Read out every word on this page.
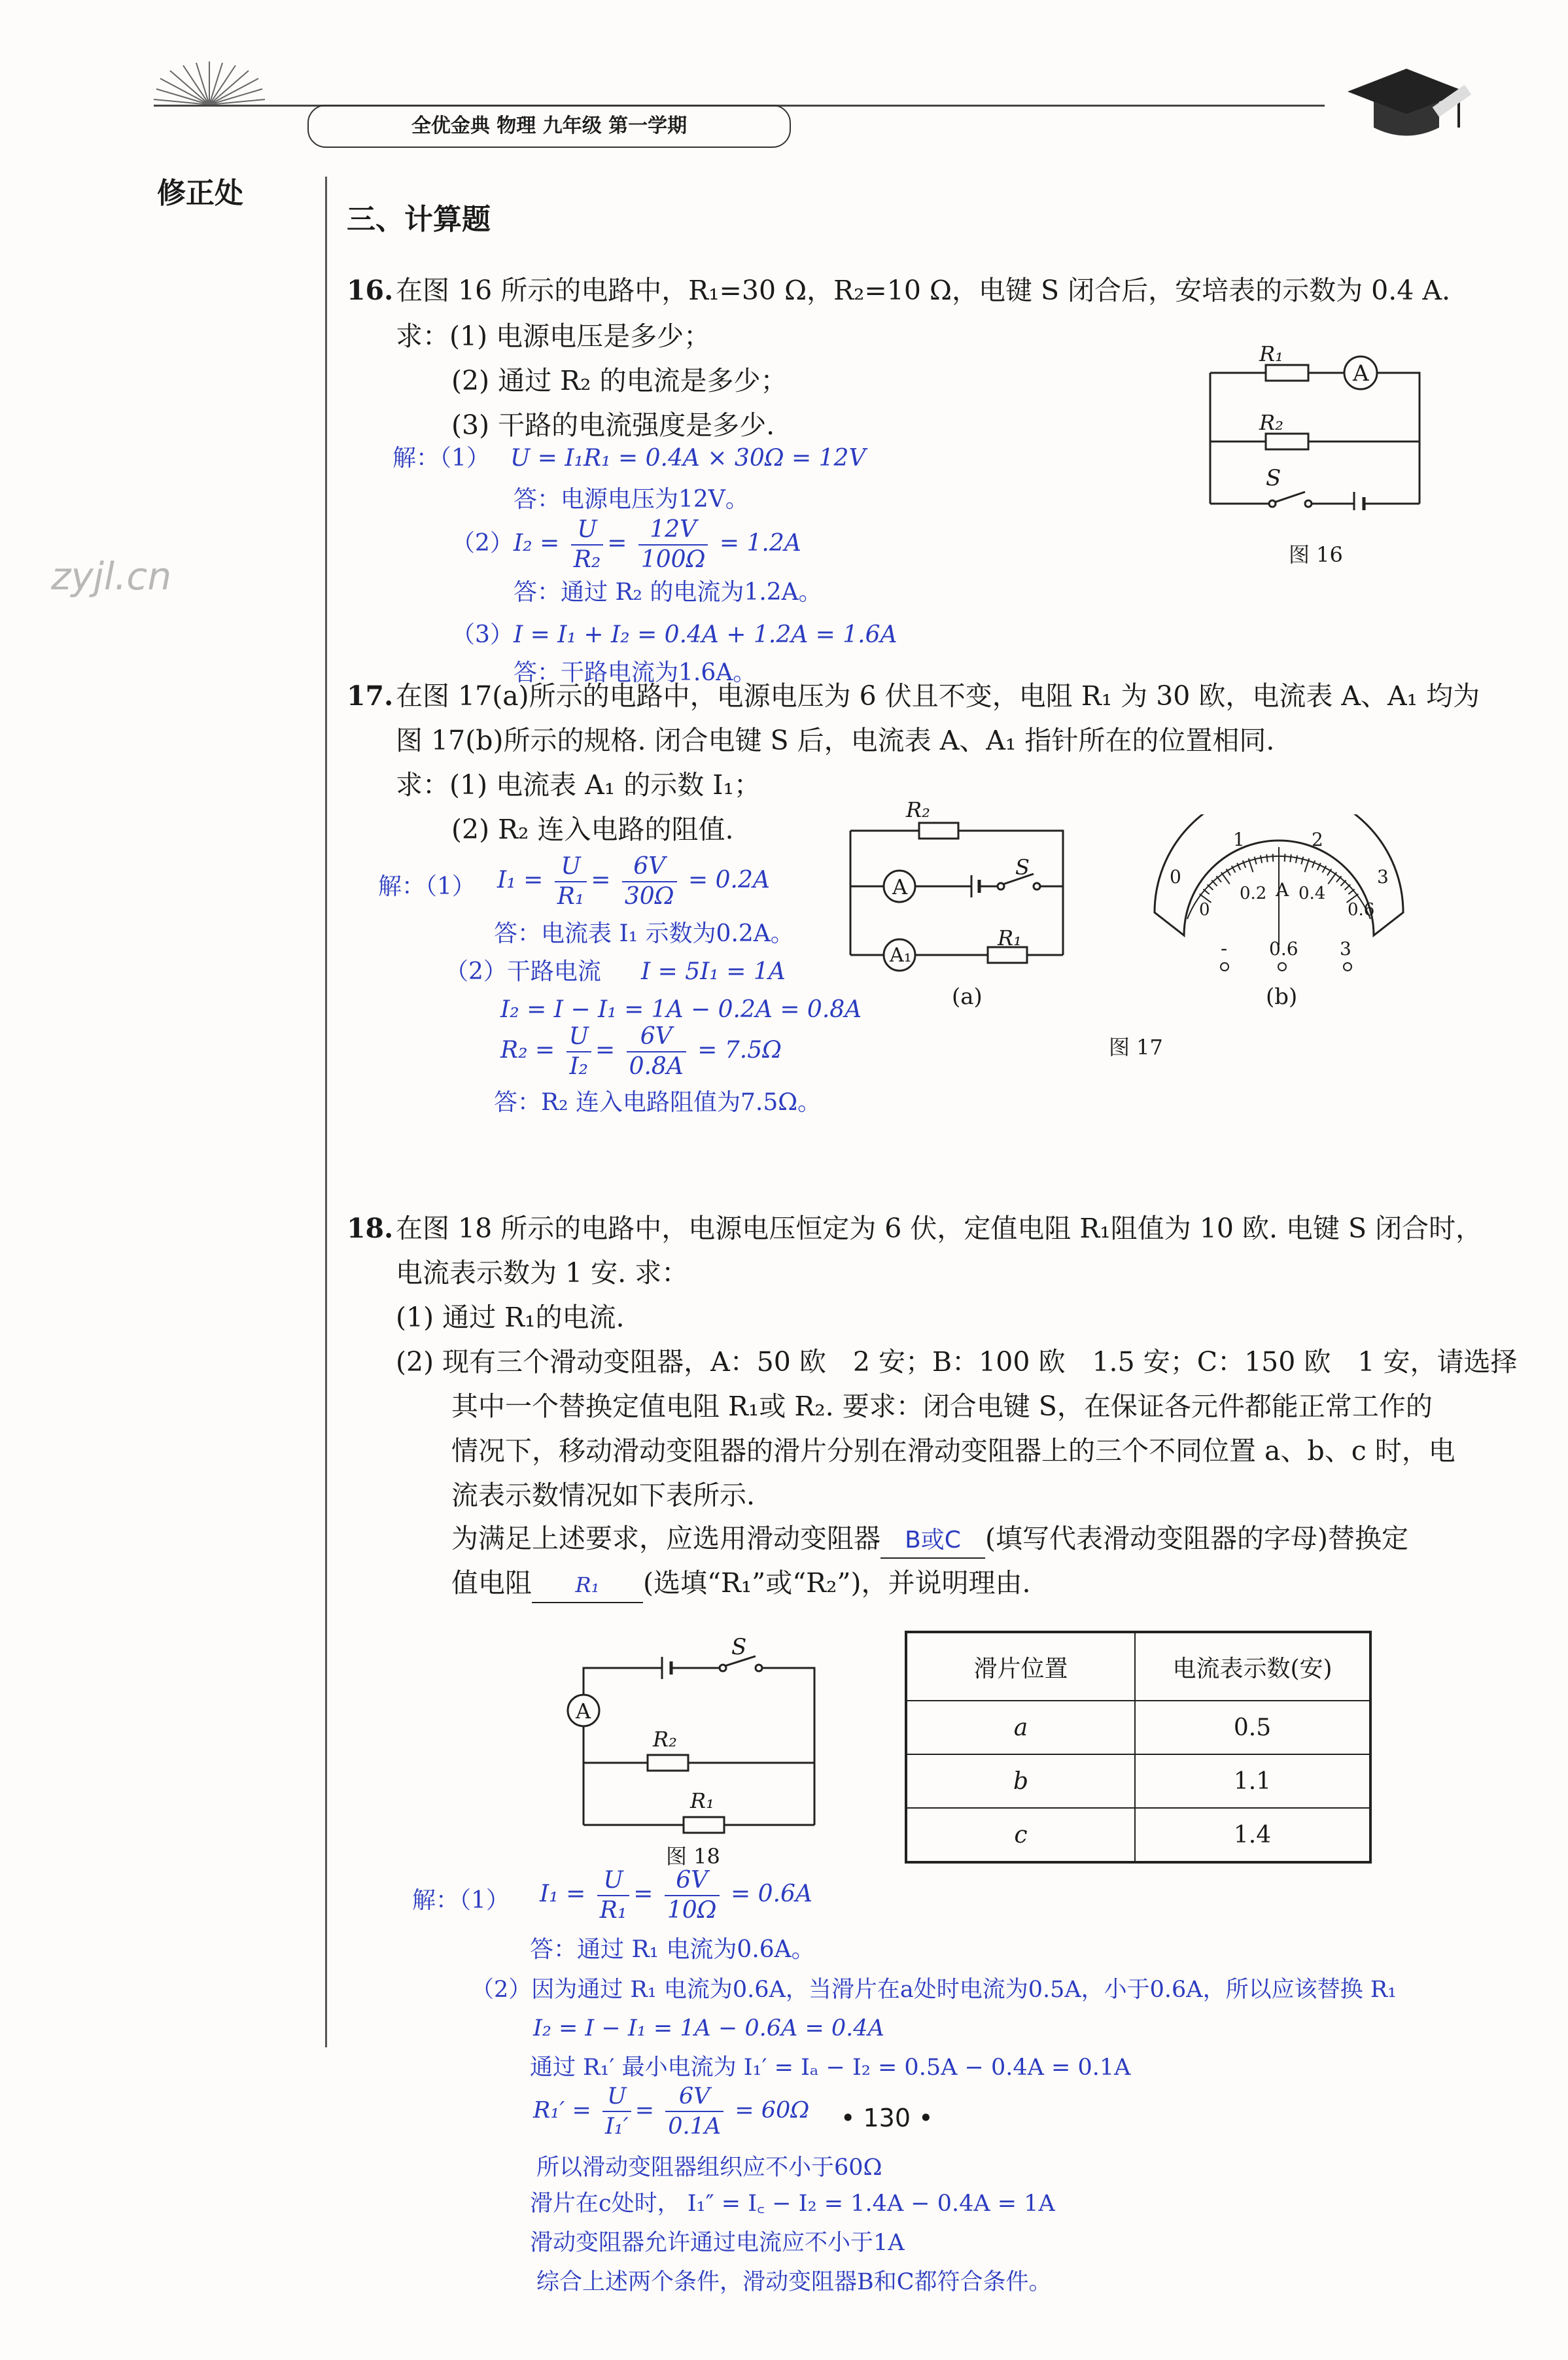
全优金典 物理 九年级 第一学期
修正处
zyjl.cn
三、计算题
16. 在图 16 所示的电路中，R₁=30 Ω，R₂=10 Ω，电键 S 闭合后，安培表的示数为 0.4 A.
求：(1) 电源电压是多少；
(2) 通过 R₂ 的电流是多少；
(3) 干路的电流强度是多少.
R₁
A
R₂
S
图 16
解：（1） U = I₁R₁ = 0.4A × 30Ω = 12V
答：电源电压为12V。
（2） $I_2 = \frac{U}{\text{R₂}} = \frac{12V}{100\Omega} = 1.2A$
答：通过 R₂ 的电流为1.2A。
（3） I = I₁ + I₂ = 0.4A + 1.2A = 1.6A
答：干路电流为1.6A。
17. 在图 17(a)所示的电路中，电源电压为 6 伏且不变，电阻 R₁ 为 30 欧，电流表 A、A₁ 均为
图 17(b)所示的规格. 闭合电键 S 后，电流表 A、A₁ 指针所在的位置相同.
求：(1) 电流表 A₁ 的示数 I₁；
(2) R₂ 连入电路的阻值.
R₂
A
S
A₁
R₁
(a)
0
1	2
3
0
0.2 A 0.4
0.6
- 0.6 3
(b)
图 17
解：（1） $I_1 = \frac{U}{\text{R₁}} = \frac{6V}{30\Omega} = 0.2A$
答：电流表 I₁ 示数为0.2A。
（2）干路电流 I = 5I₁ = 1A
I₂ = I − I₁ = 1A − 0.2A = 0.8A
$R_2 = \frac{U}{\text{I₂}} = \frac{6V}{0.8A} = 7.5\Omega$
答：R₂ 连入电路阻值为7.5Ω。
18. 在图 18 所示的电路中，电源电压恒定为 6 伏，定值电阻 R₁阻值为 10 欧. 电键 S 闭合时，
电流表示数为 1 安. 求：
(1) 通过 R₁的电流.
(2) 现有三个滑动变阻器，A：50 欧　2 安；B：100 欧　1.5 安；C：150 欧　1 安，请选择
其中一个替换定值电阻 R₁或 R₂. 要求：闭合电键 S，在保证各元件都能正常工作的
情况下，移动滑动变阻器的滑片分别在滑动变阻器上的三个不同位置 a、b、c 时，电
流表示数情况如下表所示.
为满足上述要求，应选用滑动变阻器 B或C (填写代表滑动变阻器的字母)替换定
值电阻 R₁ (选填“R₁”或“R₂”)，并说明理由.
S
A
R₂
R₁
图 18
滑片位置	电流表示数(安)
a	0.5
b	1.1
c	1.4
解：（1） $I_1 = \frac{U}{\text{R₁}} = \frac{6V}{10\Omega} = 0.6A$
答：通过 R₁ 电流为0.6A。
（2）因为通过 R₁ 电流为0.6A，当滑片在a处时电流为0.5A，小于0.6A，所以应该替换 R₁
I₂ = I − I₁ = 1A − 0.6A = 0.4A
通过 R₁′ 最小电流为 I₁′ = Iₐ − I₂ = 0.5A − 0.4A = 0.1A
$R_1' = \frac{U}{\text{I₁′}} = \frac{6V}{0.1A} = 60\Omega$ • 130 •
所以滑动变阻器组织应不小于60Ω
滑片在c处时， I₁″ = I꜀ − I₂ = 1.4A − 0.4A = 1A
滑动变阻器允许通过电流应不小于1A
综合上述两个条件，滑动变阻器B和C都符合条件。
